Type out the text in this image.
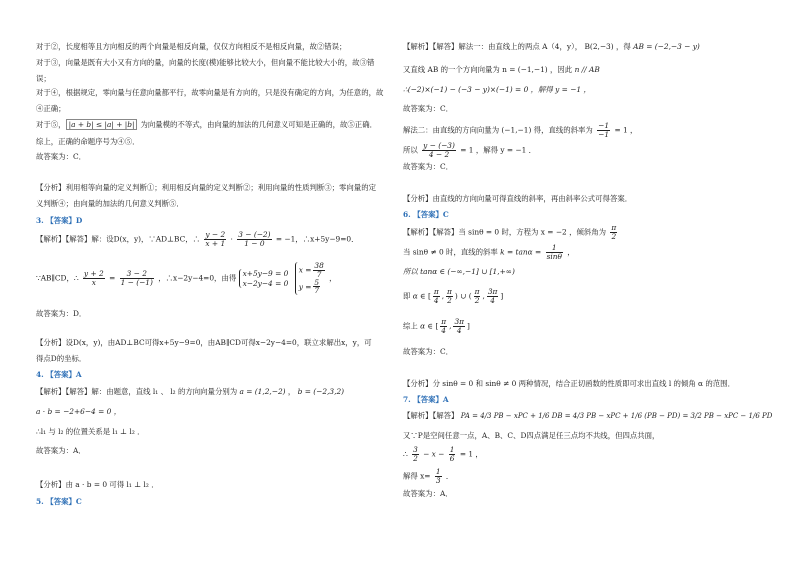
对于②，长度相等且方向相反的两个向量是相反向量，仅仅方向相反不是相反向量，故②错误；
对于③，向量是既有大小又有方向的量，向量的长度(模)能够比较大小，但向量不能比较大小的，故③错
误；
对于④，根据规定，零向量与任意向量都平行，故零向量是有方向的，只是没有确定的方向，为任意的，故
④正确；
对于⑤， |a + b| ≤ |a| + |b| 为向量模的不等式，由向量的加法的几何意义可知是正确的，故⑤正确．
综上，正确的命题序号为④⑤．
故答案为：C．
【分析】利用相等向量的定义判断①；利用相反向量的定义判断②；利用向量的性质判断③；零向量的定
义判断④；由向量的加法的几何意义判断⑤．
3. 【答案】D
【解析】【解答】解：设D(x，y)，∵AD⊥BC，∴ $\frac{y - 2}{x + 1} \cdot \frac{3 - (-2)}{1 - 0} = -1$，∴x+5y−9=0．
∵AB∥CD，∴ $\frac{y + 2}{x} = \frac{3 - 2}{1 - (-1)}$ ，∴x−2y−4=0，由得 x+5y−9 = 0
x−2y−4 = 0

$x = \frac{38}{7}$
$y = \frac{5}{7}$
，
故答案为：D．
【分析】设D(x，y)，由AD⊥BC可得x+5y−9=0，由AB∥CD可得x−2y−4=0，联立求解出x，y，可
得点D的坐标．
4. 【答案】A
【解析】【解答】解：由题意，直线 l₁ 、 l₂ 的方向向量分别为 a = (1,2,−2) ， b = (−2,3,2)
a · b = −2+6−4 = 0 ，
∴l₁ 与 l₂ 的位置关系是 l₁ ⊥ l₂ ．
故答案为：A．
【分析】由 a · b = 0 可得 l₁ ⊥ l₂ ．
5. 【答案】C
【解析】【解答】解法一：由直线上的两点 A（4，y）， B(2,−3) ，得 AB = (−2,−3 − y)
又直线 AB 的一个方向向量为 n = (−1,−1) ，因此 n // AB
∴(−2)×(−1) − (−3 − y)×(−1) = 0 ，解得 y = −1 ，
故答案为：C．
解法二：由直线的方向向量为 (−1,−1) 得，直线的斜率为 $\frac{-1}{-1} = 1$ ，
所以 $\frac{y - (-3)}{4 - 2} = 1$ ，解得 y = −1 ．
故答案为：C．
【分析】由直线的方向向量可得直线的斜率，再由斜率公式可得答案．
6. 【答案】C
【解析】【解答】当 sinθ = 0 时，方程为 x = −2 ，倾斜角为 $\frac{\pi}{2}$
当 sinθ ≠ 0 时，直线的斜率 $k = \tan\alpha = \frac{1}{\sin\theta}$ ，
所以 tanα ∈ (−∞,−1] ∪ [1,+∞)
即 α ∈ [ $\frac{\pi}{4}$ , $\frac{\pi}{2}$ ) ∪ ( $\frac{\pi}{2}$ , $\frac{3\pi}{4}$ ]
综上 α ∈ [ $\frac{\pi}{4}$ , $\frac{3\pi}{4}$ ]
故答案为：C．
【分析】分 sinθ = 0 和 sinθ ≠ 0 两种情况，结合正切函数的性质即可求出直线 l 的倾角 α 的范围．
7. 【答案】A
【解析】【解答】 PA = 4/3 PB − xPC + 1/6 DB = 4/3 PB − xPC + 1/6 (PB − PD) = 3/2 PB − xPC − 1/6 PD
又∵P是空间任意一点，A、B、C、D四点满足任三点均不共线，但四点共面，
∴ $\frac{3}{2} - x - \frac{1}{6} = 1$ ，
解得 $x= \frac{1}{3}$ ．
故答案为：A．
